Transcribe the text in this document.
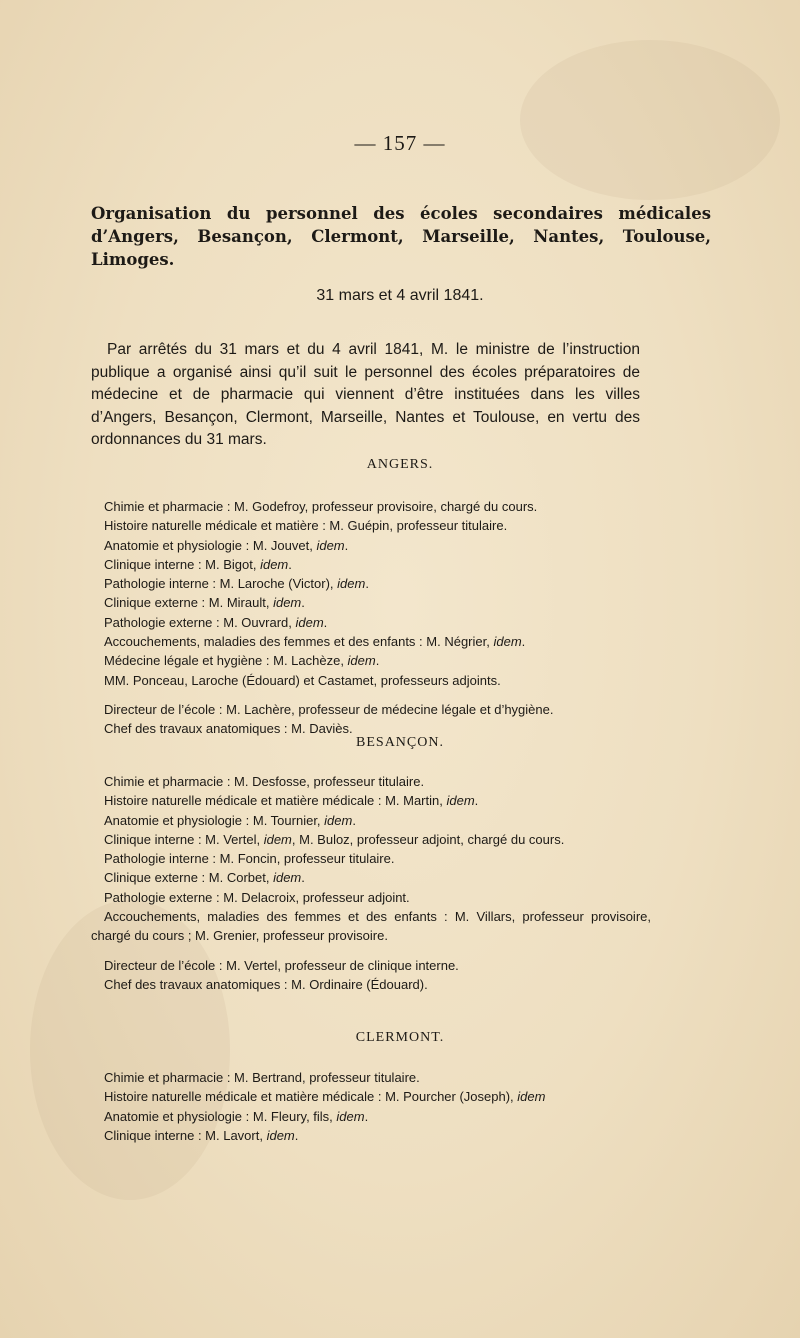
— 157 —
Organisation du personnel des écoles secondaires médicales d’Angers, Besançon, Clermont, Marseille, Nantes, Toulouse, Limoges.
31 mars et 4 avril 1841.

Par arrêtés du 31 mars et du 4 avril 1841, M. le ministre de l’instruction publique a organisé ainsi qu’il suit le personnel des écoles préparatoires de médecine et de pharmacie qui viennent d’être instituées dans les villes d’Angers, Besançon, Clermont, Marseille, Nantes et Toulouse, en vertu des ordonnances du 31 mars.

ANGERS.
Chimie et pharmacie : M. Godefroy, professeur provisoire, chargé du cours.
Histoire naturelle médicale et matière : M. Guépin, professeur titulaire.
Anatomie et physiologie : M. Jouvet, idem.
Clinique interne : M. Bigot, idem.
Pathologie interne : M. Laroche (Victor), idem.
Clinique externe : M. Mirault, idem.
Pathologie externe : M. Ouvrard, idem.
Accouchements, maladies des femmes et des enfants : M. Négrier, idem.
Médecine légale et hygiène : M. Lachèze, idem.
MM. Ponceau, Laroche (Édouard) et Castamet, professeurs adjoints.
Directeur de l’école : M. Lachère, professeur de médecine légale et d’hygiène.
Chef des travaux anatomiques : M. Daviès.
BESANÇON.
Chimie et pharmacie : M. Desfosse, professeur titulaire.
Histoire naturelle médicale et matière médicale : M. Martin, idem.
Anatomie et physiologie : M. Tournier, idem.
Clinique interne : M. Vertel, idem, M. Buloz, professeur adjoint, chargé du cours.
Pathologie interne : M. Foncin, professeur titulaire.
Clinique externe : M. Corbet, idem.
Pathologie externe : M. Delacroix, professeur adjoint.
Accouchements, maladies des femmes et des enfants : M. Villars, professeur provisoire, chargé du cours ; M. Grenier, professeur provisoire.
Directeur de l’école : M. Vertel, professeur de clinique interne.
Chef des travaux anatomiques : M. Ordinaire (Édouard).
CLERMONT.
Chimie et pharmacie : M. Bertrand, professeur titulaire.
Histoire naturelle médicale et matière médicale : M. Pourcher (Joseph), idem
Anatomie et physiologie : M. Fleury, fils, idem.
Clinique interne : M. Lavort, idem.
